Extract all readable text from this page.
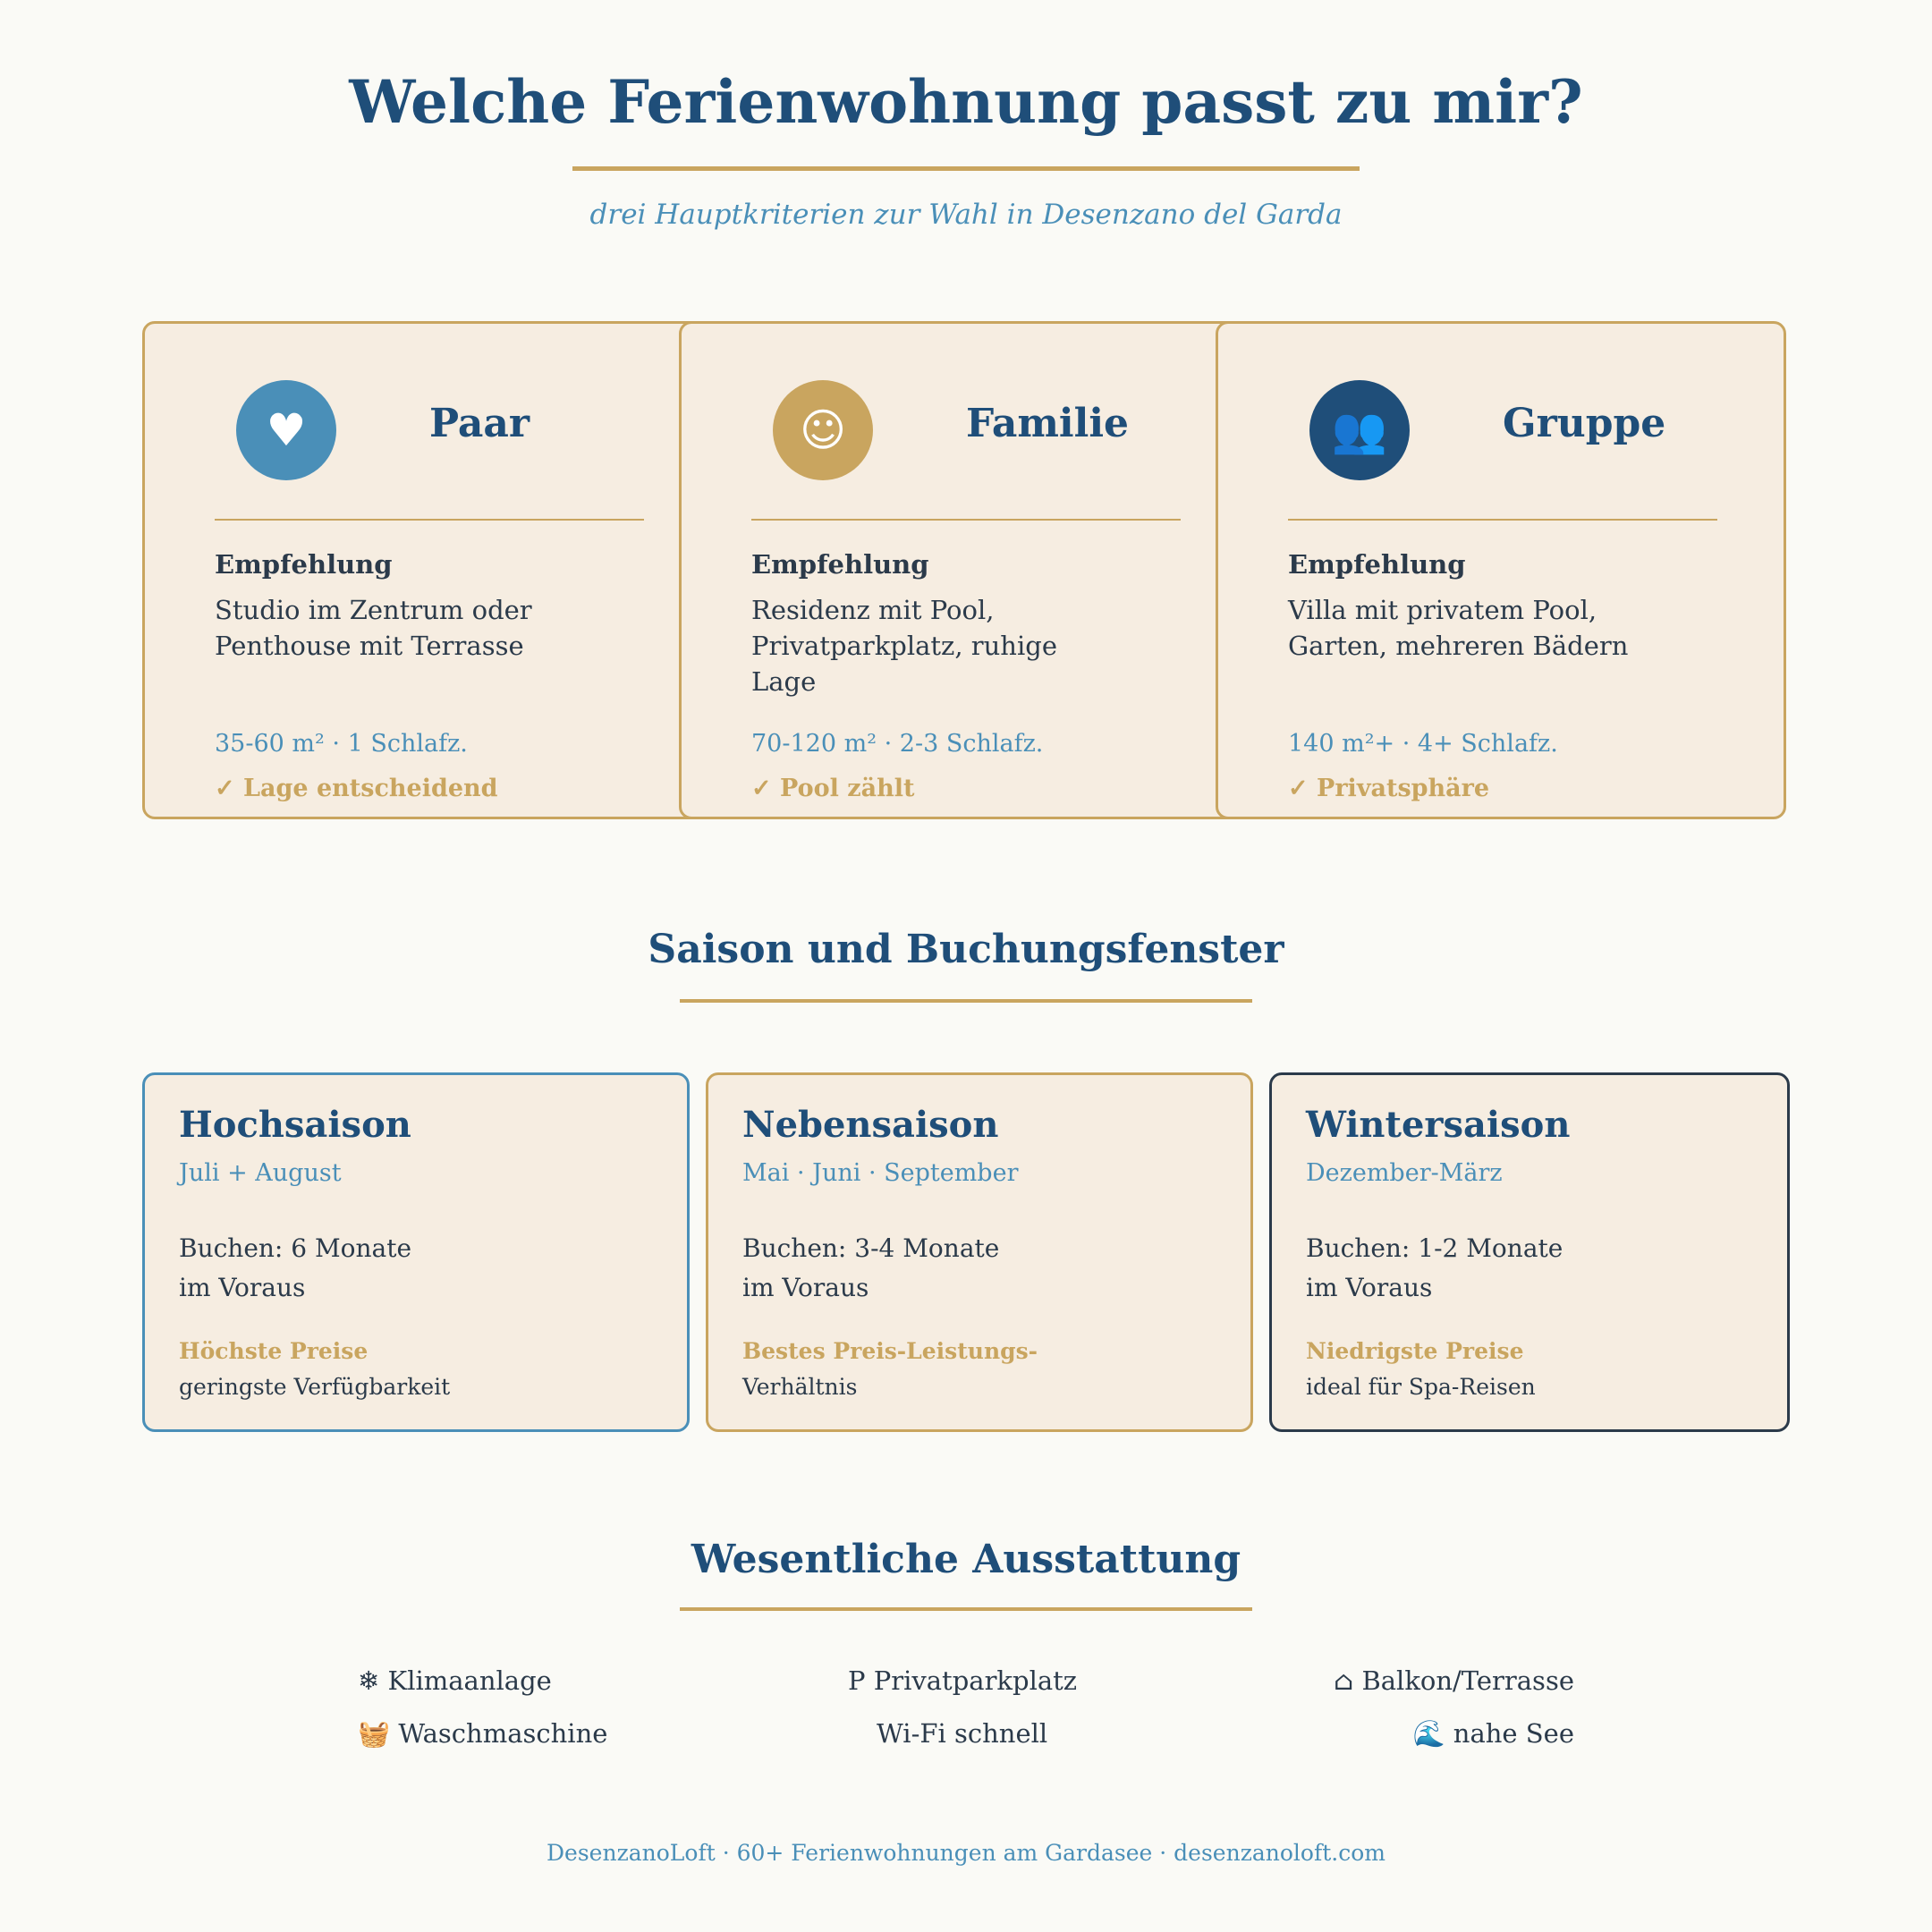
Welche Ferienwohnung passt zu mir?
drei Hauptkriterien zur Wahl in Desenzano del Garda
♥	Paar
Empfehlung
Studio im Zentrum oder Penthouse mit Terrasse
35-60 m² · 1 Schlafz.
✓ Lage entscheidend
☺	Familie
Empfehlung
Residenz mit Pool, Privatparkplatz, ruhige Lage
70-120 m² · 2-3 Schlafz.
✓ Pool zählt
👥	Gruppe
Empfehlung
Villa mit privatem Pool, Garten, mehreren Bädern
140 m²+ · 4+ Schlafz.
✓ Privatsphäre
Saison und Buchungsfenster
Hochsaison
Juli + August
Buchen: 6 Monate im Voraus
Höchste Preise
geringste Verfügbarkeit
Nebensaison
Mai · Juni · September
Buchen: 3-4 Monate im Voraus
Bestes Preis-Leistungs-
Verhältnis
Wintersaison
Dezember-März
Buchen: 1-2 Monate im Voraus
Niedrigste Preise
ideal für Spa-Reisen
Wesentliche Ausstattung
❄ Klimaanlage	P Privatparkplatz	⌂ Balkon/Terrasse
🧺 Waschmaschine	Wi-Fi schnell	🌊 nahe See
DesenzanoLoft · 60+ Ferienwohnungen am Gardasee · desenzanoloft.com
